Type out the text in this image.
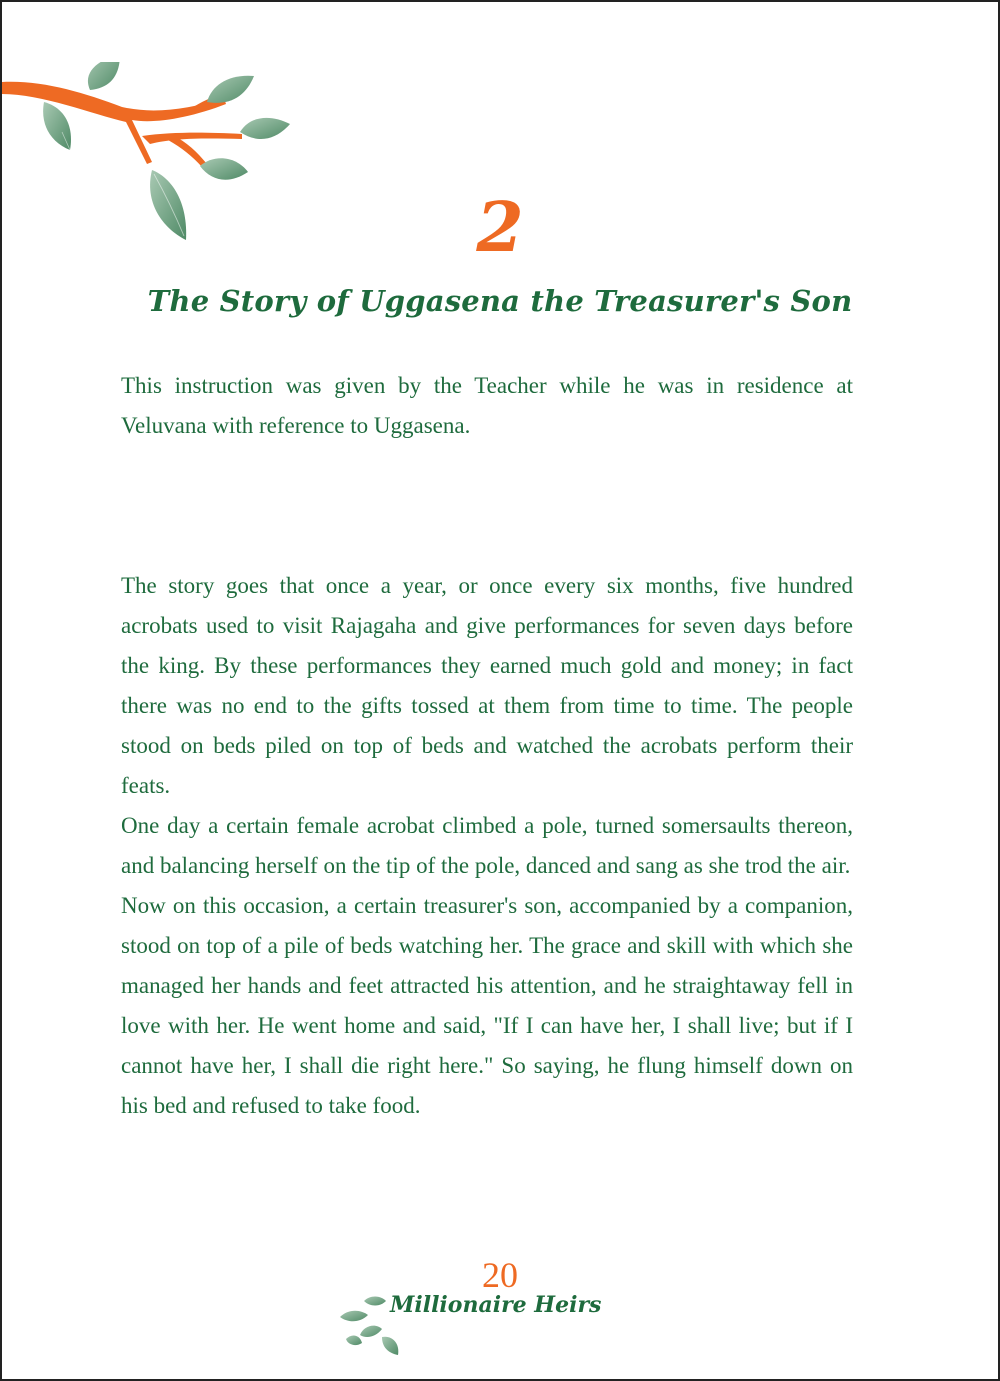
2
The Story of Uggasena the Treasurer's Son

This instruction was given by the Teacher while he was in residence at Veluvana with reference to Uggasena.

The story goes that once a year, or once every six months, five hundred acrobats used to visit Rajagaha and give performances for seven days before the king. By these performances they earned much gold and money; in fact there was no end to the gifts tossed at them from time to time. The people stood on beds piled on top of beds and watched the acrobats perform their feats.

One day a certain female acrobat climbed a pole, turned somersaults thereon, and balancing herself on the tip of the pole, danced and sang as she trod the air.

Now on this occasion, a certain treasurer's son, accompanied by a companion, stood on top of a pile of beds watching her. The grace and skill with which she managed her hands and feet attracted his attention, and he straightaway fell in love with her. He went home and said, "If I can have her, I shall live; but if I cannot have her, I shall die right here." So saying, he flung himself down on his bed and refused to take food.

20
Millionaire Heirs
